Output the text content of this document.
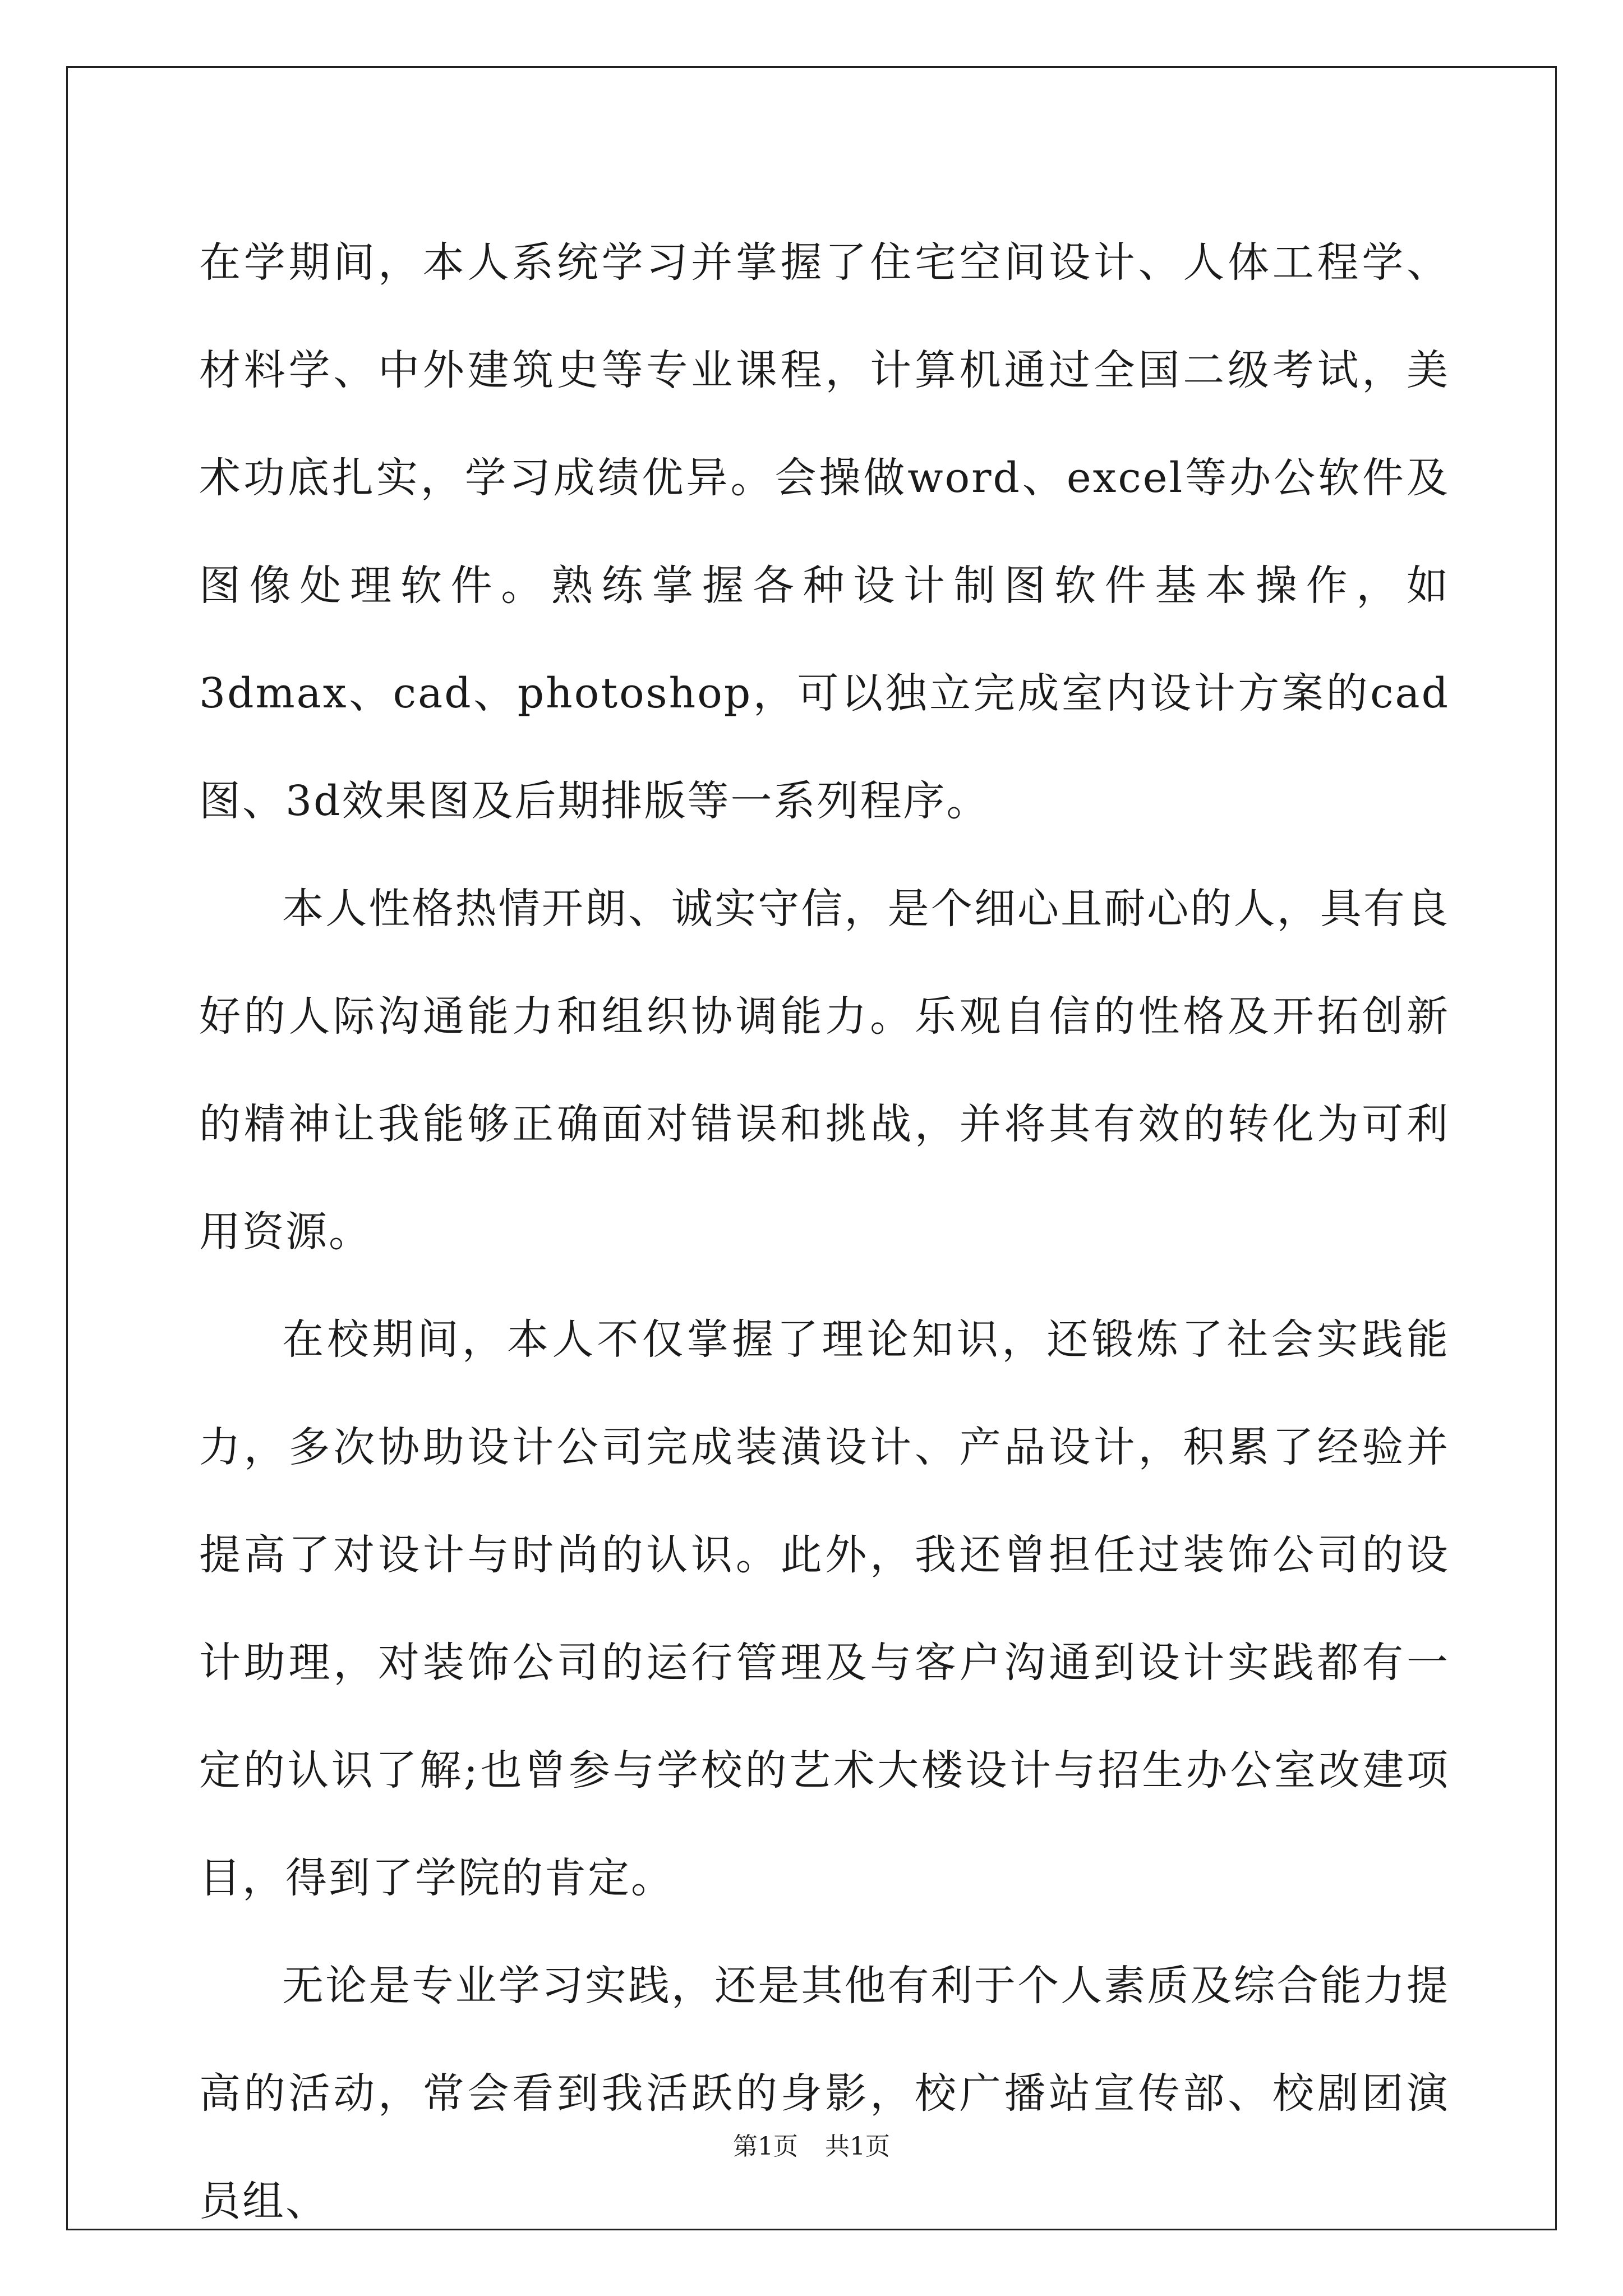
在学期间，本人系统学习并掌握了住宅空间设计、人体工程学、材料学、中外建筑史等专业课程，计算机通过全国二级考试，美术功底扎实，学习成绩优异。会操做word、excel等办公软件及图像处理软件。熟练掌握各种设计制图软件基本操作，如3dmax、cad、photoshop，可以独立完成室内设计方案的cad图、3d效果图及后期排版等一系列程序。

本人性格热情开朗、诚实守信，是个细心且耐心的人，具有良好的人际沟通能力和组织协调能力。乐观自信的性格及开拓创新的精神让我能够正确面对错误和挑战，并将其有效的转化为可利用资源。

在校期间，本人不仅掌握了理论知识，还锻炼了社会实践能力，多次协助设计公司完成装潢设计、产品设计，积累了经验并提高了对设计与时尚的认识。此外，我还曾担任过装饰公司的设计助理，对装饰公司的运行管理及与客户沟通到设计实践都有一定的认识了解;也曾参与学校的艺术大楼设计与招生办公室改建项目，得到了学院的肯定。

无论是专业学习实践，还是其他有利于个人素质及综合能力提高的活动，常会看到我活跃的身影，校广播站宣传部、校剧团演员组、

第1页 共1页
